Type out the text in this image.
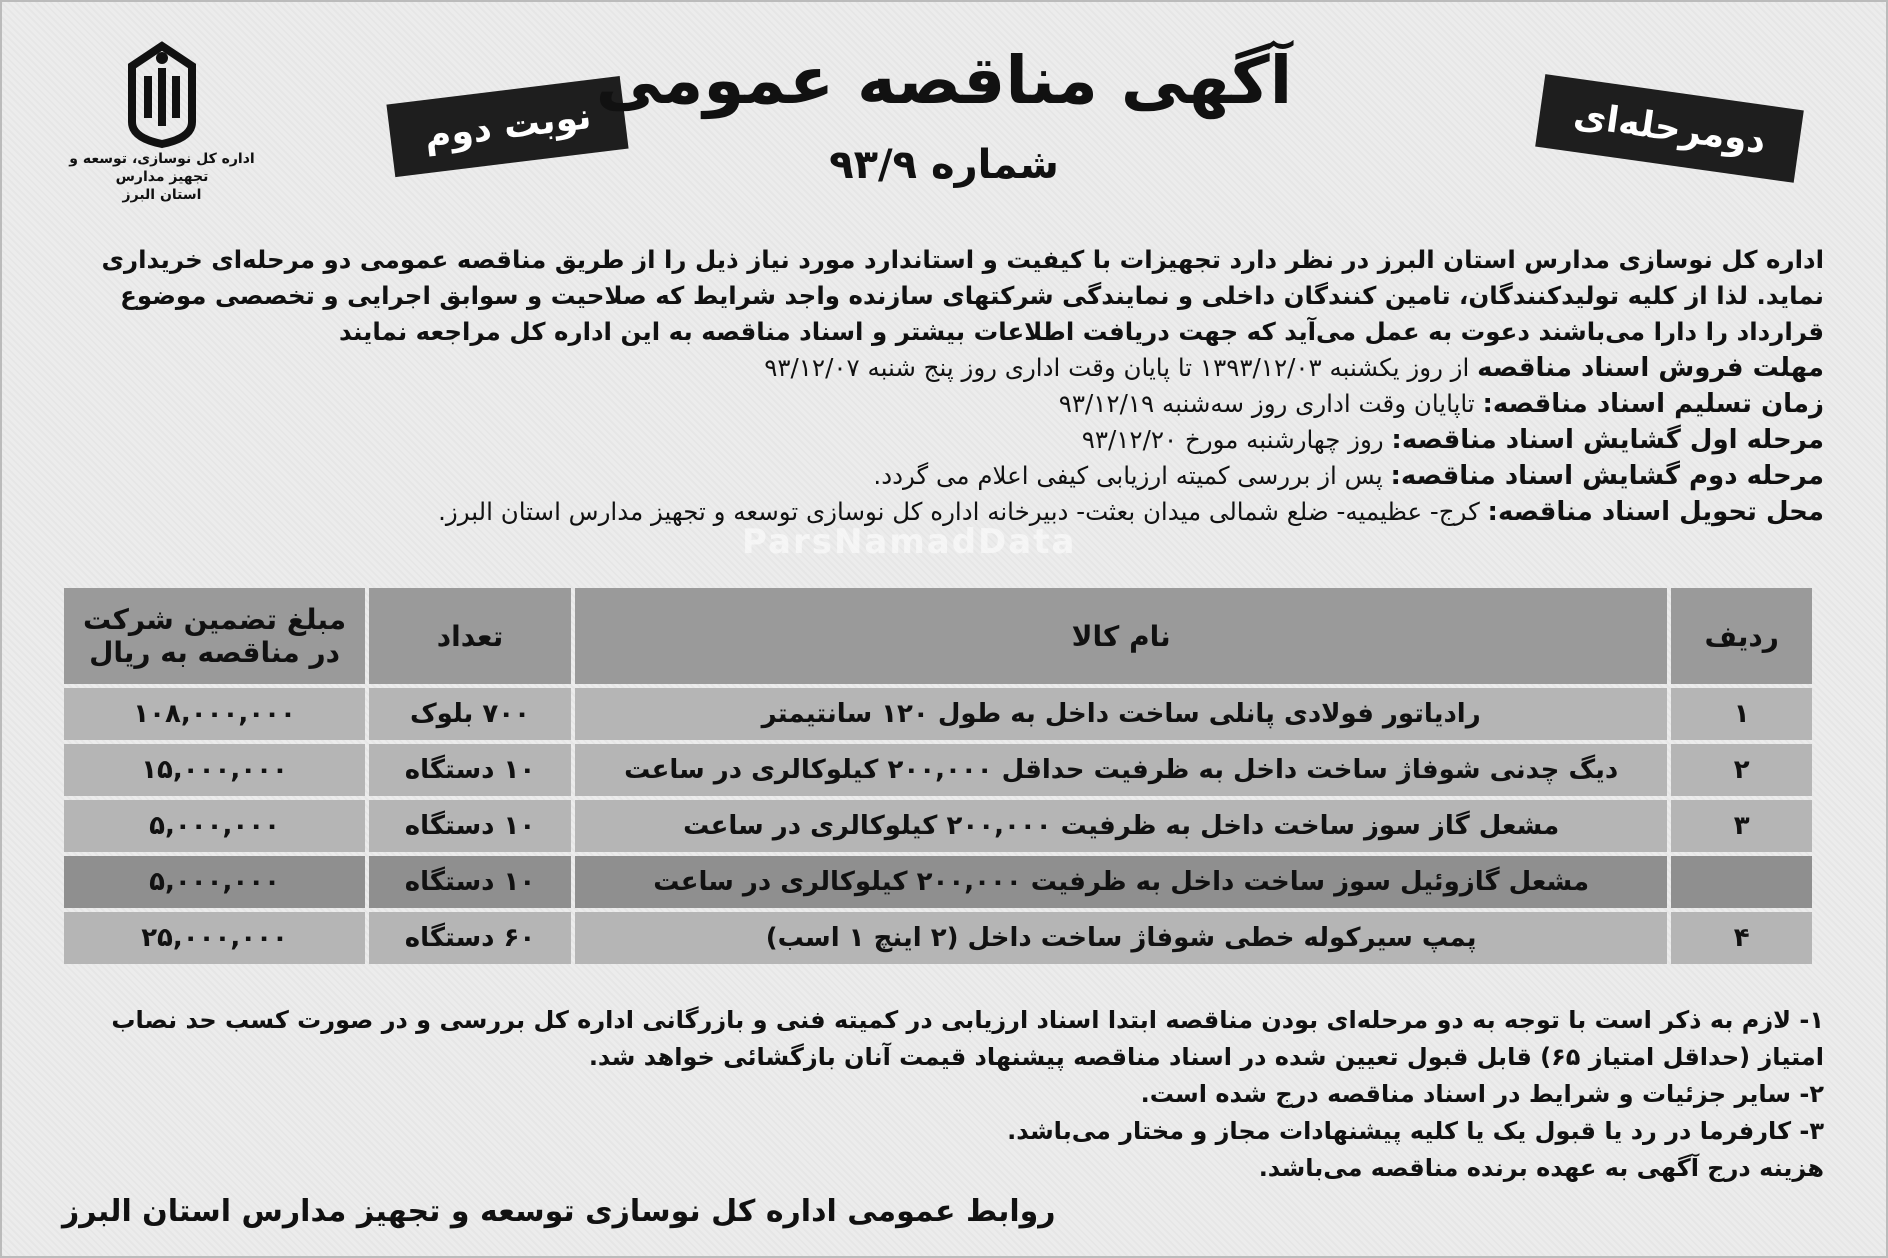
اداره کل نوسازی، توسعه و تجهیز مدارس
استان البرز
نوبت دوم
آگهی مناقصه عمومی
شماره ۹۳/۹
دومرحله‌ای
اداره کل نوسازی مدارس استان البرز در نظر دارد تجهیزات با کیفیت و استاندارد مورد نیاز ذیل را از طریق مناقصه عمومی دو مرحله‌ای خریداری نماید. لذا از کلیه تولیدکنندگان، تامین کنندگان داخلی و نمایندگی شرکتهای سازنده واجد شرایط که صلاحیت و سوابق اجرایی و تخصصی موضوع قرارداد را دارا می‌باشند دعوت به عمل می‌آید که جهت دریافت اطلاعات بیشتر و اسناد مناقصه به این اداره کل مراجعه نمایند
مهلت فروش اسناد مناقصه از روز یکشنبه ۱۳۹۳/۱۲/۰۳ تا پایان وقت اداری روز پنج شنبه ۹۳/۱۲/۰۷
زمان تسلیم اسناد مناقصه: تاپایان وقت اداری روز سه‌شنبه ۹۳/۱۲/۱۹
مرحله اول گشایش اسناد مناقصه: روز چهارشنبه مورخ ۹۳/۱۲/۲۰
مرحله دوم گشایش اسناد مناقصه: پس از بررسی کمیته ارزیابی کیفی اعلام می گردد.
محل تحویل اسناد مناقصه: کرج- عظیمیه- ضلع شمالی میدان بعثت- دبیرخانه اداره کل نوسازی توسعه و تجهیز مدارس استان البرز.
ردیف	نام کالا	تعداد	مبلغ تضمین شرکت در مناقصه به ریال
۱	رادیاتور فولادی پانلی ساخت داخل به طول ۱۲۰ سانتیمتر	۷۰۰ بلوک	۱۰۸,۰۰۰,۰۰۰
۲	دیگ چدنی شوفاژ ساخت داخل به ظرفیت حداقل ۲۰۰,۰۰۰ کیلوکالری در ساعت	۱۰ دستگاه	۱۵,۰۰۰,۰۰۰
۳	مشعل گاز سوز ساخت داخل به ظرفیت ۲۰۰,۰۰۰ کیلوکالری در ساعت	۱۰ دستگاه	۵,۰۰۰,۰۰۰
	مشعل گازوئیل سوز ساخت داخل به ظرفیت ۲۰۰,۰۰۰ کیلوکالری در ساعت	۱۰ دستگاه	۵,۰۰۰,۰۰۰
۴	پمپ سیرکوله خطی شوفاژ ساخت داخل (۲ اینچ ۱ اسب)	۶۰ دستگاه	۲۵,۰۰۰,۰۰۰
ParsNamadData
۱- لازم به ذکر است با توجه به دو مرحله‌ای بودن مناقصه ابتدا اسناد ارزیابی در کمیته فنی و بازرگانی اداره کل بررسی و در صورت کسب حد نصاب امتیاز (حداقل امتیاز ۶۵) قابل قبول تعیین شده در اسناد مناقصه پیشنهاد قیمت آنان بازگشائی خواهد شد.
۲- سایر جزئیات و شرایط در اسناد مناقصه درج شده است.
۳- کارفرما در رد یا قبول یک یا کلیه پیشنهادات مجاز و مختار می‌باشد.
هزینه درج آگهی به عهده برنده مناقصه می‌باشد.
روابط عمومی اداره کل نوسازی توسعه و تجهیز مدارس استان البرز
